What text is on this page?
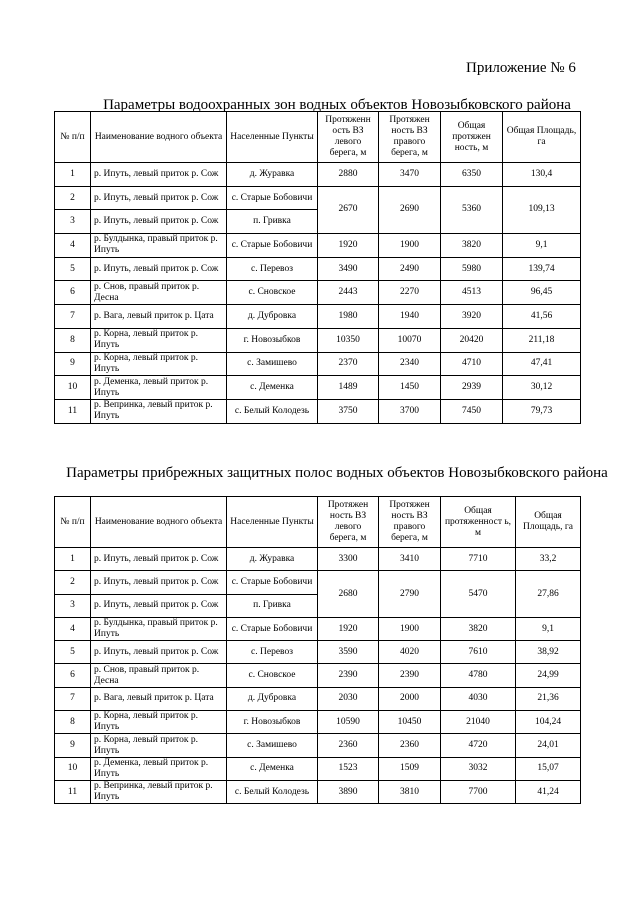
Приложение № 6
Параметры водоохранных зон водных объектов Новозыбковского района
№ п/п	Наименование водного объекта	Населенные Пункты	Протяженн ость ВЗ левого берега, м	Протяжен ность ВЗ правого берега, м	Общая протяжен ность, м	Общая Площадь, га
1	р. Ипуть, левый приток р. Сож	д. Журавка	2880	3470	6350	130,4
2	р. Ипуть, левый приток р. Сож	с. Старые Бобовичи	2670	2690	5360	109,13
3	р. Ипуть, левый приток р. Сож	п. Гривка				
4	р. Булдынка, правый приток р. Ипуть	с. Старые Бобовичи	1920	1900	3820	9,1
5	р. Ипуть, левый приток р. Сож	с. Перевоз	3490	2490	5980	139,74
6	р. Снов, правый приток р. Десна	с. Сновское	2443	2270	4513	96,45
7	р. Вага, левый приток р. Цата	д. Дубровка	1980	1940	3920	41,56
8	р. Корна, левый приток р. Ипуть	г. Новозыбков	10350	10070	20420	211,18
9	р. Корна, левый приток р. Ипуть	с. Замишево	2370	2340	4710	47,41
10	р. Деменка, левый приток р. Ипуть	с. Деменка	1489	1450	2939	30,12
11	р. Вепринка, левый приток р. Ипуть	с. Белый Колодезь	3750	3700	7450	79,73
Параметры прибрежных защитных полос водных объектов Новозыбковского района
№ п/п	Наименование водного объекта	Населенные Пункты	Протяжен ность ВЗ левого берега, м	Протяжен ность ВЗ правого берега, м	Общая протяженност ь, м	Общая Площадь, га
1	р. Ипуть, левый приток р. Сож	д. Журавка	3300	3410	7710	33,2
2	р. Ипуть, левый приток р. Сож	с. Старые Бобовичи	2680	2790	5470	27,86
3	р. Ипуть, левый приток р. Сож	п. Гривка				
4	р. Булдынка, правый приток р. Ипуть	с. Старые Бобовичи	1920	1900	3820	9,1
5	р. Ипуть, левый приток р. Сож	с. Перевоз	3590	4020	7610	38,92
6	р. Снов, правый приток р. Десна	с. Сновское	2390	2390	4780	24,99
7	р. Вага, левый приток р. Цата	д. Дубровка	2030	2000	4030	21,36
8	р. Корна, левый приток р. Ипуть	г. Новозыбков	10590	10450	21040	104,24
9	р. Корна, левый приток р. Ипуть	с. Замишево	2360	2360	4720	24,01
10	р. Деменка, левый приток р. Ипуть	с. Деменка	1523	1509	3032	15,07
11	р. Вепринка, левый приток р. Ипуть	с. Белый Колодезь	3890	3810	7700	41,24
